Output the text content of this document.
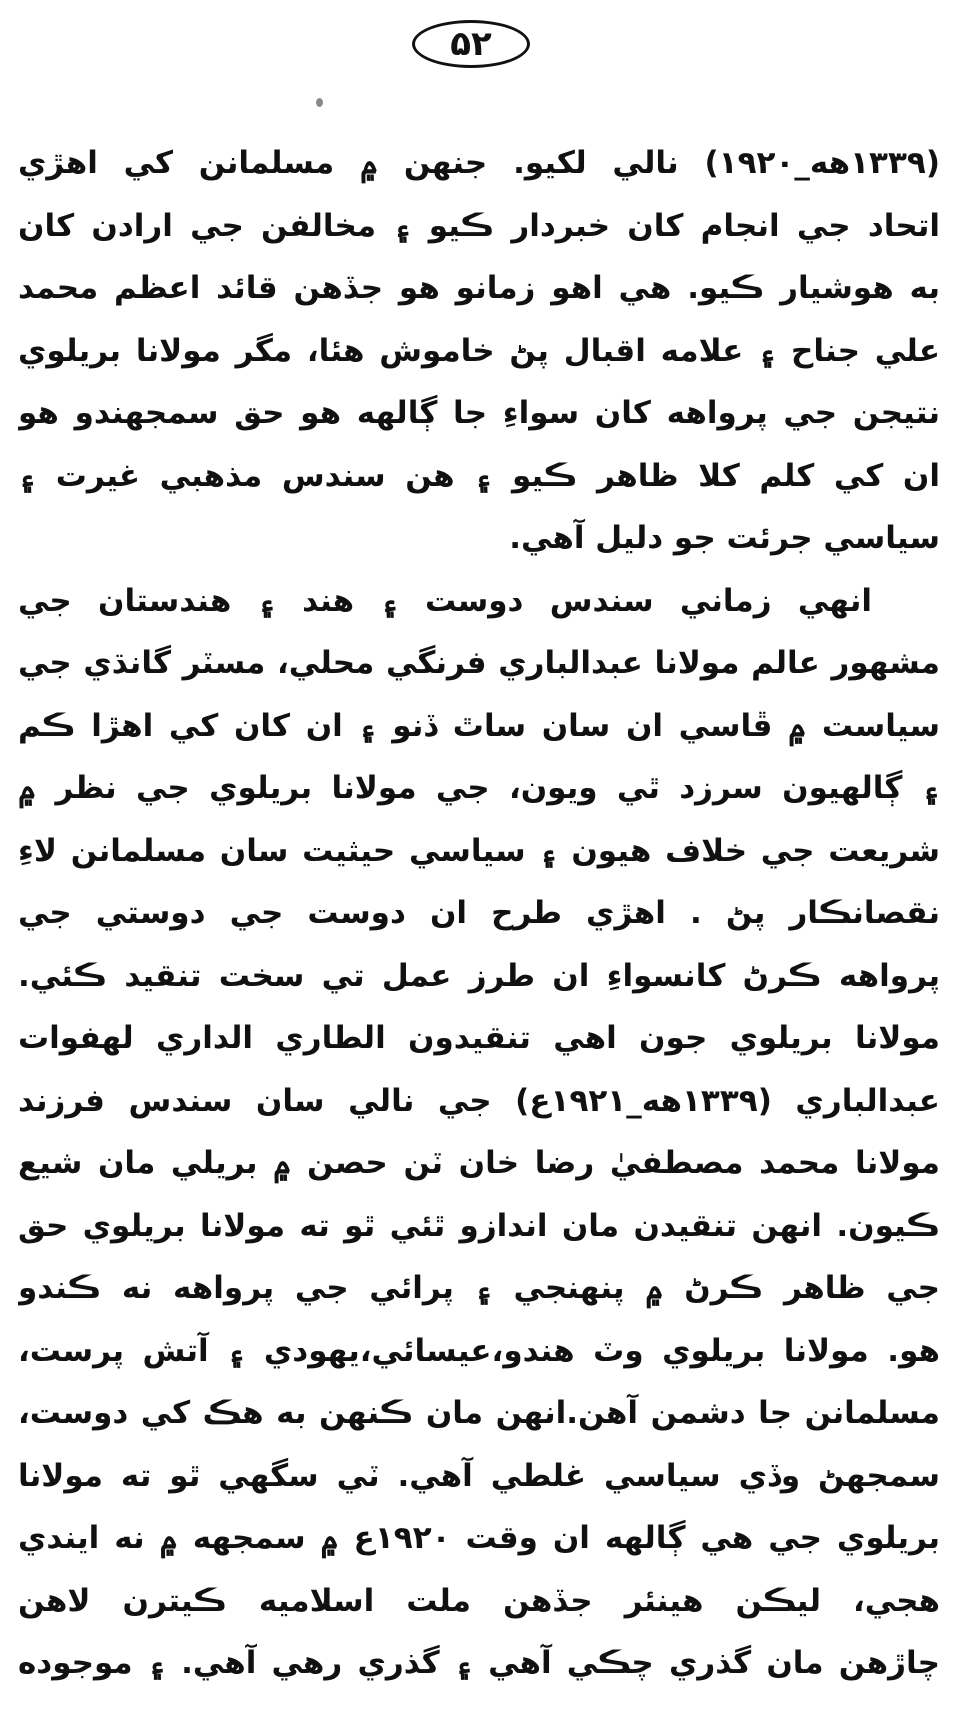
۵۲
(۱۳۳۹هه_۱۹۲۰) نالي لکيو. جنهن ۾ مسلمانن کي اهڙي
اتحاد جي انجام کان خبردار ڪيو ۽ مخالفن جي ارادن کان
به هوشيار ڪيو. هي اهو زمانو هو جڏهن قائد اعظم محمد
علي جناح ۽ علامه اقبال پڻ خاموش هئا، مگر مولانا بريلوي
نتيجن جي پرواهه کان سواءِ جا ڳالهه هو حق سمجهندو هو
ان کي کلم کلا ظاهر ڪيو ۽ هن سندس مذهبي غيرت ۽
سياسي جرئت جو دليل آهي.
انهي زماني سندس دوست ۽ هند ۽ هندستان جي
مشهور عالم مولانا عبدالباري فرنگي محلي، مسٽر گانڌي جي
سياست ۾ ڦاسي ان سان ساٿ ڏنو ۽ ان کان کي اهڙا ڪم
۽ ڳالهيون سرزد ٿي ويون، جي مولانا بريلوي جي نظر ۾
شريعت جي خلاف هيون ۽ سياسي حيثيت سان مسلمانن لاءِ
نقصانڪار پڻ . اهڙي طرح ان دوست جي دوستي جي
پرواهه ڪرڻ کانسواءِ ان طرز عمل تي سخت تنقيد ڪئي.
مولانا بريلوي جون اهي تنقيدون الطاري الداري لهفوات
عبدالباري (۱۳۳۹هه_۱۹۲۱ع) جي نالي سان سندس فرزند
مولانا محمد مصطفيٰ رضا خان ٽن حصن ۾ بريلي مان شيع
ڪيون. انهن تنقيدن مان اندازو ٿئي ٿو ته مولانا بريلوي حق
جي ظاهر ڪرڻ ۾ پنهنجي ۽ پرائي جي پرواهه نه ڪندو
هو. مولانا بريلوي وٽ هندو،عيسائي،يهودي ۽ آتش پرست،
مسلمانن جا دشمن آهن.انهن مان ڪنهن به هڪ کي دوست،
سمجهڻ وڏي سياسي غلطي آهي. ٽي سگهي ٿو ته مولانا
بريلوي جي هي ڳالهه ان وقت ۱۹۲۰ع ۾ سمجهه ۾ نه ايندي
هجي، ليڪن هينئر جڏهن ملت اسلاميه ڪيترن لاهن
چاڙهن مان گذري چڪي آهي ۽ گذري رهي آهي. ۽ موجوده
